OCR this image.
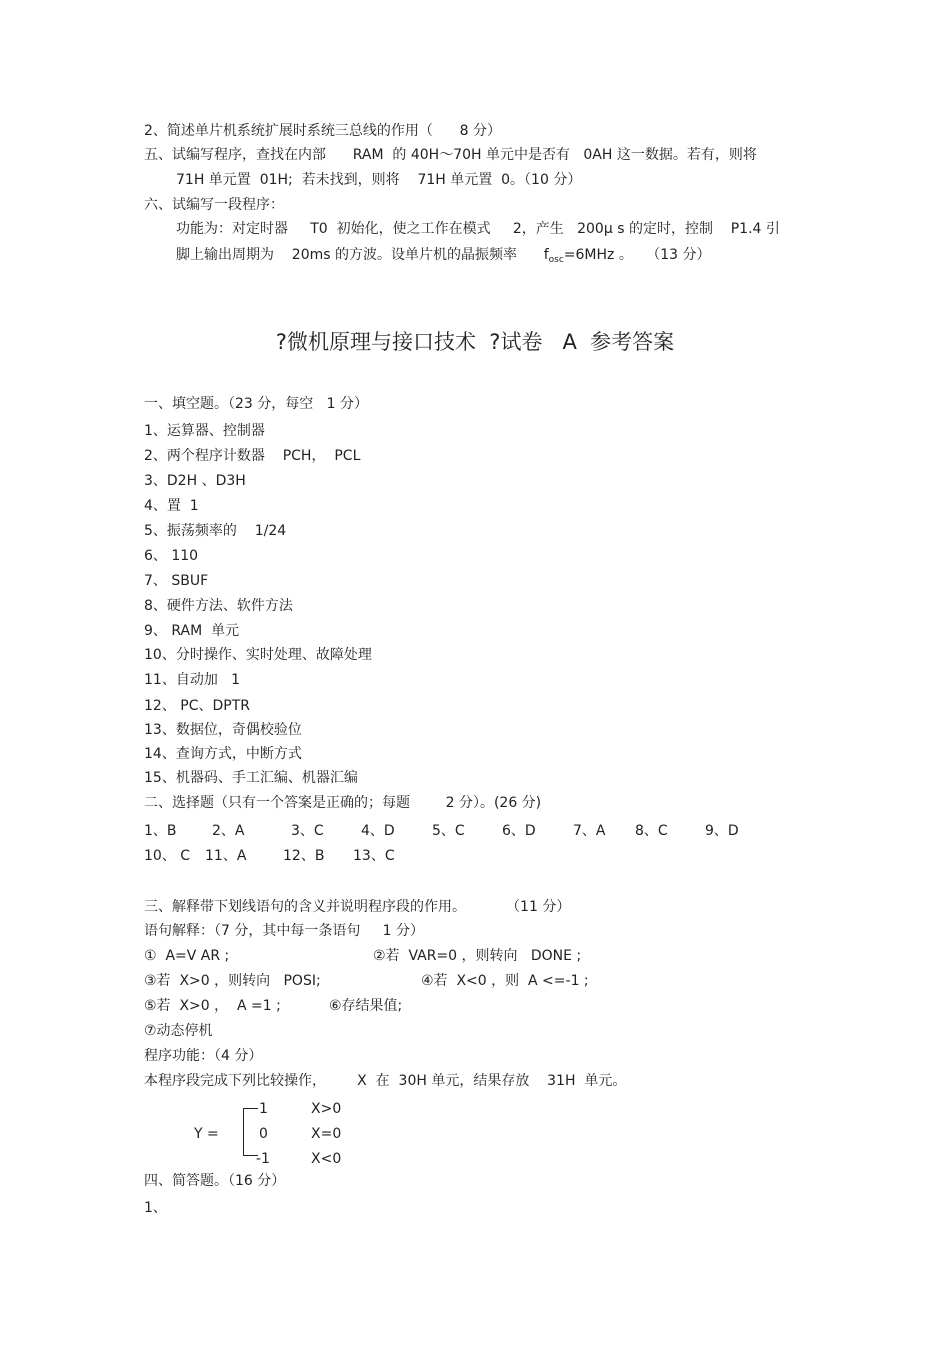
2、简述单片机系统扩展时系统三总线的作用（      8 分）
五、试编写程序，查找在内部      RAM  的 40H～70H 单元中是否有   0AH 这一数据。若有，则将
71H 单元置  01H;  若未找到，则将    71H 单元置  0。（10 分）
六、试编写一段程序：
功能为：对定时器     T0  初始化，使之工作在模式     2，产生   200μ s 的定时，控制    P1.4 引
脚上输出周期为    20ms 的方波。设单片机的晶振频率      $f_{osc}=6MHz$ 。   （13 分）
?微机原理与接口技术  ?试卷   A  参考答案
一、填空题。（23 分，每空   1 分）
1、运算器、控制器
2、两个程序计数器    PCH，  PCL
3、D2H 、D3H
4、置  1
5、振荡频率的    1/24
6、 110
7、 SBUF
8、硬件方法、软件方法
9、 RAM  单元
10、分时操作、实时处理、故障处理
11、自动加   1
12、 PC、DPTR
13、数据位，奇偶校验位
14、查询方式，中断方式
15、机器码、手工汇编、机器汇编
二、选择题（只有一个答案是正确的；每题        2 分）。(26 分)
1、B	2、A	3、C	4、D	5、C	6、D	7、A 8、C	9、D
10、 C 11、A	12、B 13、C
三、解释带下划线语句的含义并说明程序段的作用。         （11 分）
语句解释：（7 分，其中每一条语句     1 分）
①  A=V AR ;	②若  VAR=0 ，则转向   DONE ;
③若  X>0 ，则转向   POSI;	④若  X<0 ，则  A <=-1 ;
⑤若  X>0 ，  A =1 ;	⑥存结果值;
⑦动态停机
程序功能：（4 分）
本程序段完成下列比较操作，       X  在  30H 单元，结果存放    31H  单元。
Y =
1	X>0
0	X=0
-1	X<0
四、简答题。（16 分）
1、
